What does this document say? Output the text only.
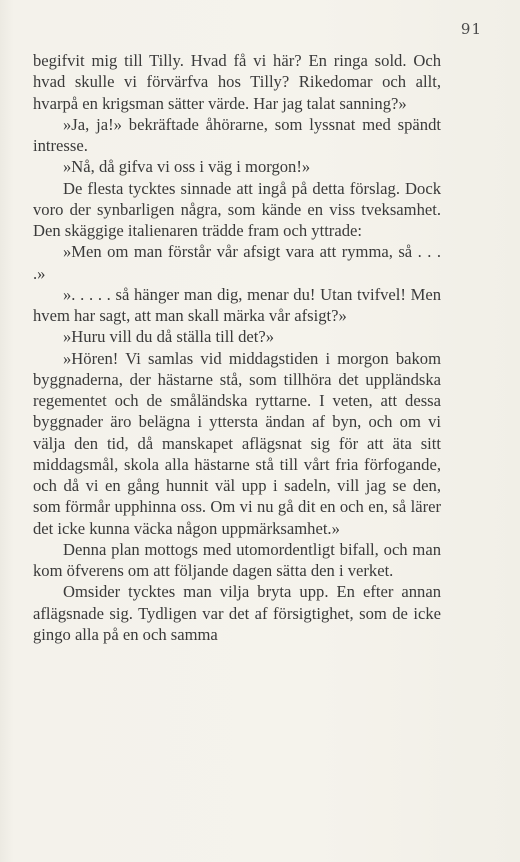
91

begifvit mig till Tilly. Hvad få vi här? En ringa sold. Och hvad skulle vi förvärfva hos Tilly? Rikedomar och allt, hvarpå en krigsman sätter värde. Har jag talat sanning?»

»Ja, ja!» bekräftade åhörarne, som lyssnat med spändt intresse.

»Nå, då gifva vi oss i väg i morgon!»

De flesta tycktes sinnade att ingå på detta förslag. Dock voro der synbarligen några, som kände en viss tveksamhet. Den skäggige italienaren trädde fram och yttrade:

»Men om man förstår vår afsigt vara att rymma, så . . . .»

». . . . . så hänger man dig, menar du! Utan tvifvel! Men hvem har sagt, att man skall märka vår afsigt?»

»Huru vill du då ställa till det?»

»Hören! Vi samlas vid middagstiden i morgon bakom byggnaderna, der hästarne stå, som tillhöra det uppländska regementet och de småländska ryttarne. I veten, att dessa byggnader äro belägna i yttersta ändan af byn, och om vi välja den tid, då manskapet aflägsnat sig för att äta sitt middagsmål, skola alla hästarne stå till vårt fria förfogande, och då vi en gång hunnit väl upp i sadeln, vill jag se den, som förmår upphinna oss. Om vi nu gå dit en och en, så lärer det icke kunna väcka någon uppmärksamhet.»

Denna plan mottogs med utomordentligt bifall, och man kom öfverens om att följande dagen sätta den i verket.

Omsider tycktes man vilja bryta upp. En efter annan aflägsnade sig. Tydligen var det af försigtighet, som de icke gingo alla på en och samma
